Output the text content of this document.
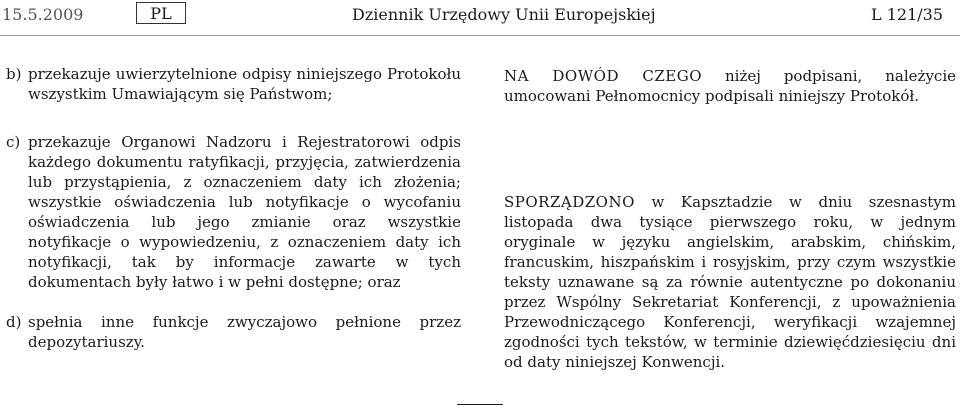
15.5.2009	PL	Dziennik Urzędowy Unii Europejskiej	L 121/35
b) przekazuje uwierzytelnione odpisy niniejszego Protokołu wszystkim Umawiającym się Państwom;
c) przekazuje Organowi Nadzoru i Rejestratorowi odpis każdego dokumentu ratyfikacji, przyjęcia, zatwierdzenia lub przystąpienia, z oznaczeniem daty ich złożenia; wszystkie oświadczenia lub notyfikacje o wycofaniu oświadczenia lub jego zmianie oraz wszystkie notyfikacje o wypowiedzeniu, z oznaczeniem daty ich notyfikacji, tak by informacje zawarte w tych dokumentach były łatwo i w pełni dostępne; oraz
d) spełnia inne funkcje zwyczajowo pełnione przez depozytariuszy.

NA DOWÓD CZEGO niżej podpisani, należycie umocowani Pełnomocnicy podpisali niniejszy Protokół.

SPORZĄDZONO w Kapsztadzie w dniu szesnastym listopada dwa tysiące pierwszego roku, w jednym oryginale w języku angielskim, arabskim, chińskim, francuskim, hiszpańskim i rosyjskim, przy czym wszystkie teksty uznawane są za równie autentyczne po dokonaniu przez Wspólny Sekretariat Konferencji, z upoważnienia Przewodniczącego Konferencji, weryfikacji wzajemnej zgodności tych tekstów, w terminie dziewięćdziesięciu dni od daty niniejszej Konwencji.
